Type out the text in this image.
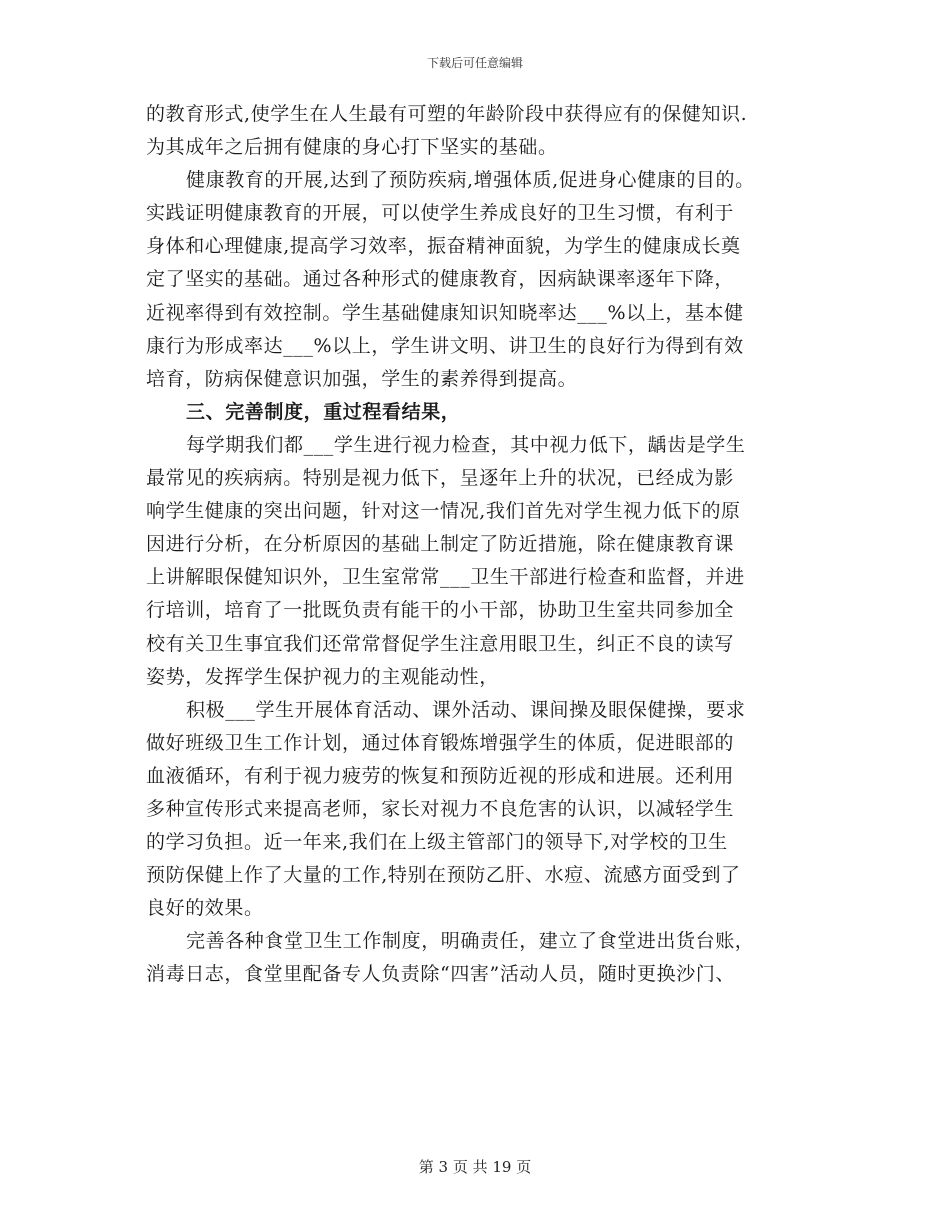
下载后可任意编辑
的教育形式,使学生在人生最有可塑的年龄阶段中获得应有的保健知识.
为其成年之后拥有健康的身心打下坚实的基础。
健康教育的开展,达到了预防疾病,增强体质,促进身心健康的目的。
实践证明健康教育的开展，可以使学生养成良好的卫生习惯，有利于
身体和心理健康,提高学习效率，振奋精神面貌，为学生的健康成长奠
定了坚实的基础。通过各种形式的健康教育，因病缺课率逐年下降，
近视率得到有效控制。学生基础健康知识知晓率达___%以上，基本健
康行为形成率达___%以上，学生讲文明、讲卫生的良好行为得到有效
培育，防病保健意识加强，学生的素养得到提高。
三、完善制度，重过程看结果，
每学期我们都___学生进行视力检查，其中视力低下，龋齿是学生
最常见的疾病病。特别是视力低下，呈逐年上升的状况，已经成为影
响学生健康的突出问题，针对这一情况,我们首先对学生视力低下的原
因进行分析，在分析原因的基础上制定了防近措施，除在健康教育课
上讲解眼保健知识外，卫生室常常___卫生干部进行检查和监督，并进
行培训，培育了一批既负责有能干的小干部，协助卫生室共同参加全
校有关卫生事宜我们还常常督促学生注意用眼卫生，纠正不良的读写
姿势，发挥学生保护视力的主观能动性，
积极___学生开展体育活动、课外活动、课间操及眼保健操，要求
做好班级卫生工作计划，通过体育锻炼增强学生的体质，促进眼部的
血液循环，有利于视力疲劳的恢复和预防近视的形成和进展。还利用
多种宣传形式来提高老师，家长对视力不良危害的认识，以减轻学生
的学习负担。近一年来,我们在上级主管部门的领导下,对学校的卫生
预防保健上作了大量的工作,特别在预防乙肝、水痘、流感方面受到了
良好的效果。
完善各种食堂卫生工作制度，明确责任，建立了食堂进出货台账，
消毒日志，食堂里配备专人负责除“四害”活动人员，随时更换沙门、
第 3 页 共 19 页
